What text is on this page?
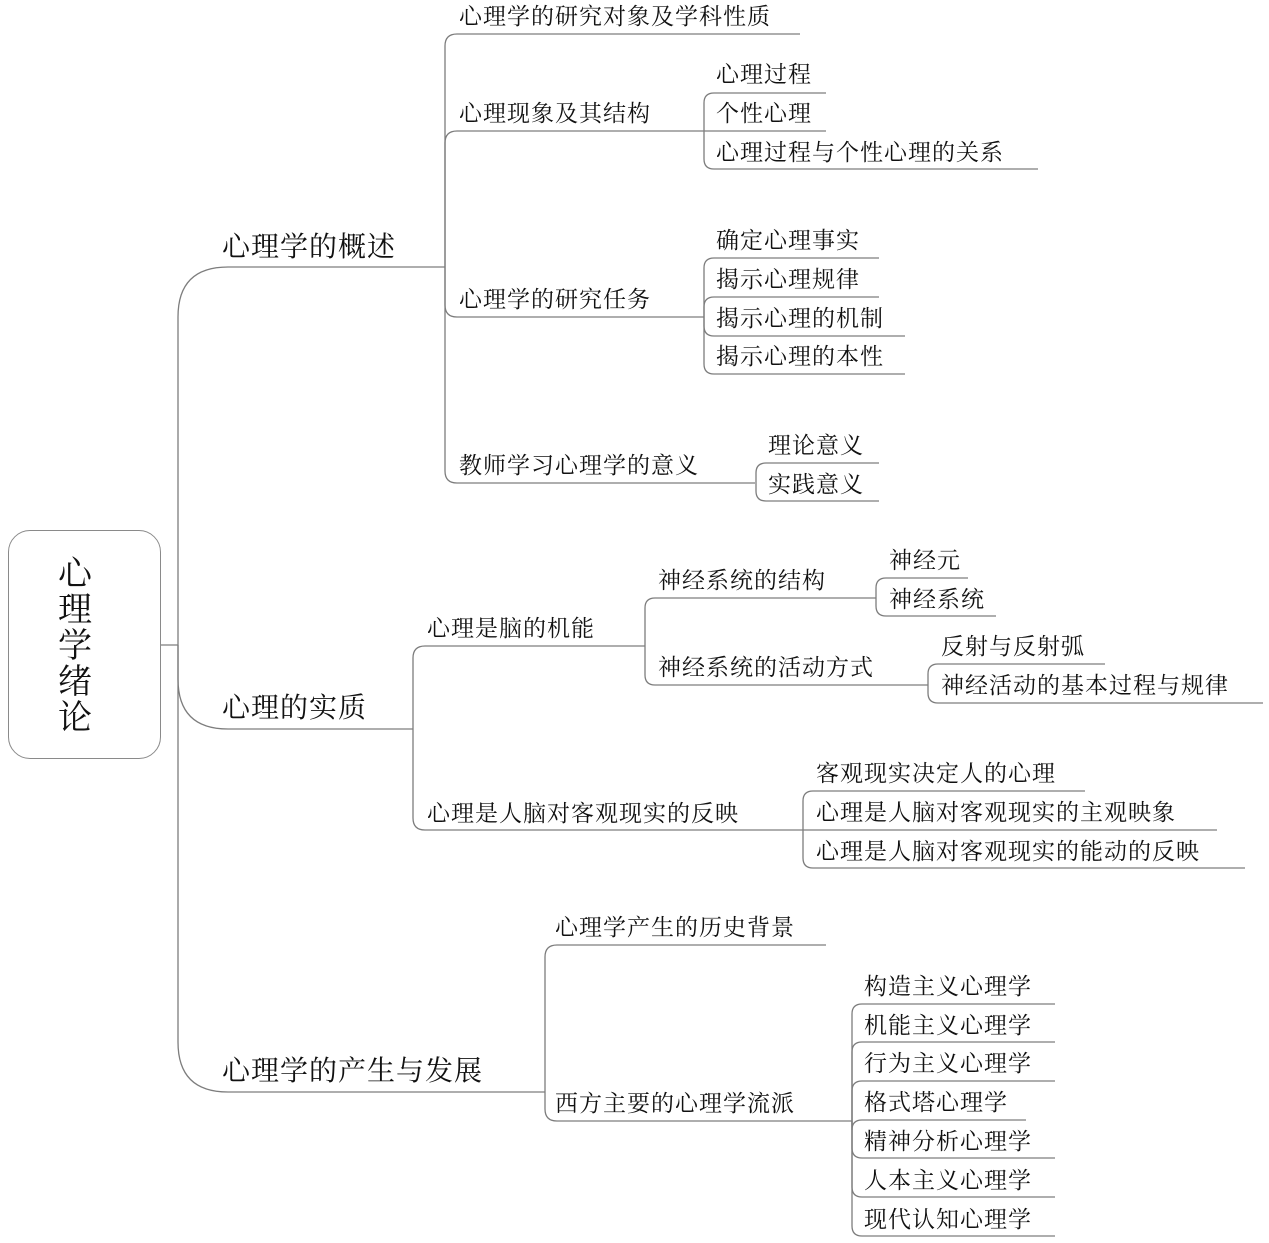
心
理
学
绪
论
心理学的概述
心理学的研究对象及学科性质
心理现象及其结构
心理过程
个性心理
心理过程与个性心理的关系
心理学的研究任务
确定心理事实
揭示心理规律
揭示心理的机制
揭示心理的本性
教师学习心理学的意义
理论意义
实践意义
心理的实质
心理是脑的机能
神经系统的结构
神经元
神经系统
神经系统的活动方式
反射与反射弧
神经活动的基本过程与规律
心理是人脑对客观现实的反映
客观现实决定人的心理
心理是人脑对客观现实的主观映象
心理是人脑对客观现实的能动的反映
心理学的产生与发展
心理学产生的历史背景
西方主要的心理学流派
构造主义心理学
机能主义心理学
行为主义心理学
格式塔心理学
精神分析心理学
人本主义心理学
现代认知心理学
